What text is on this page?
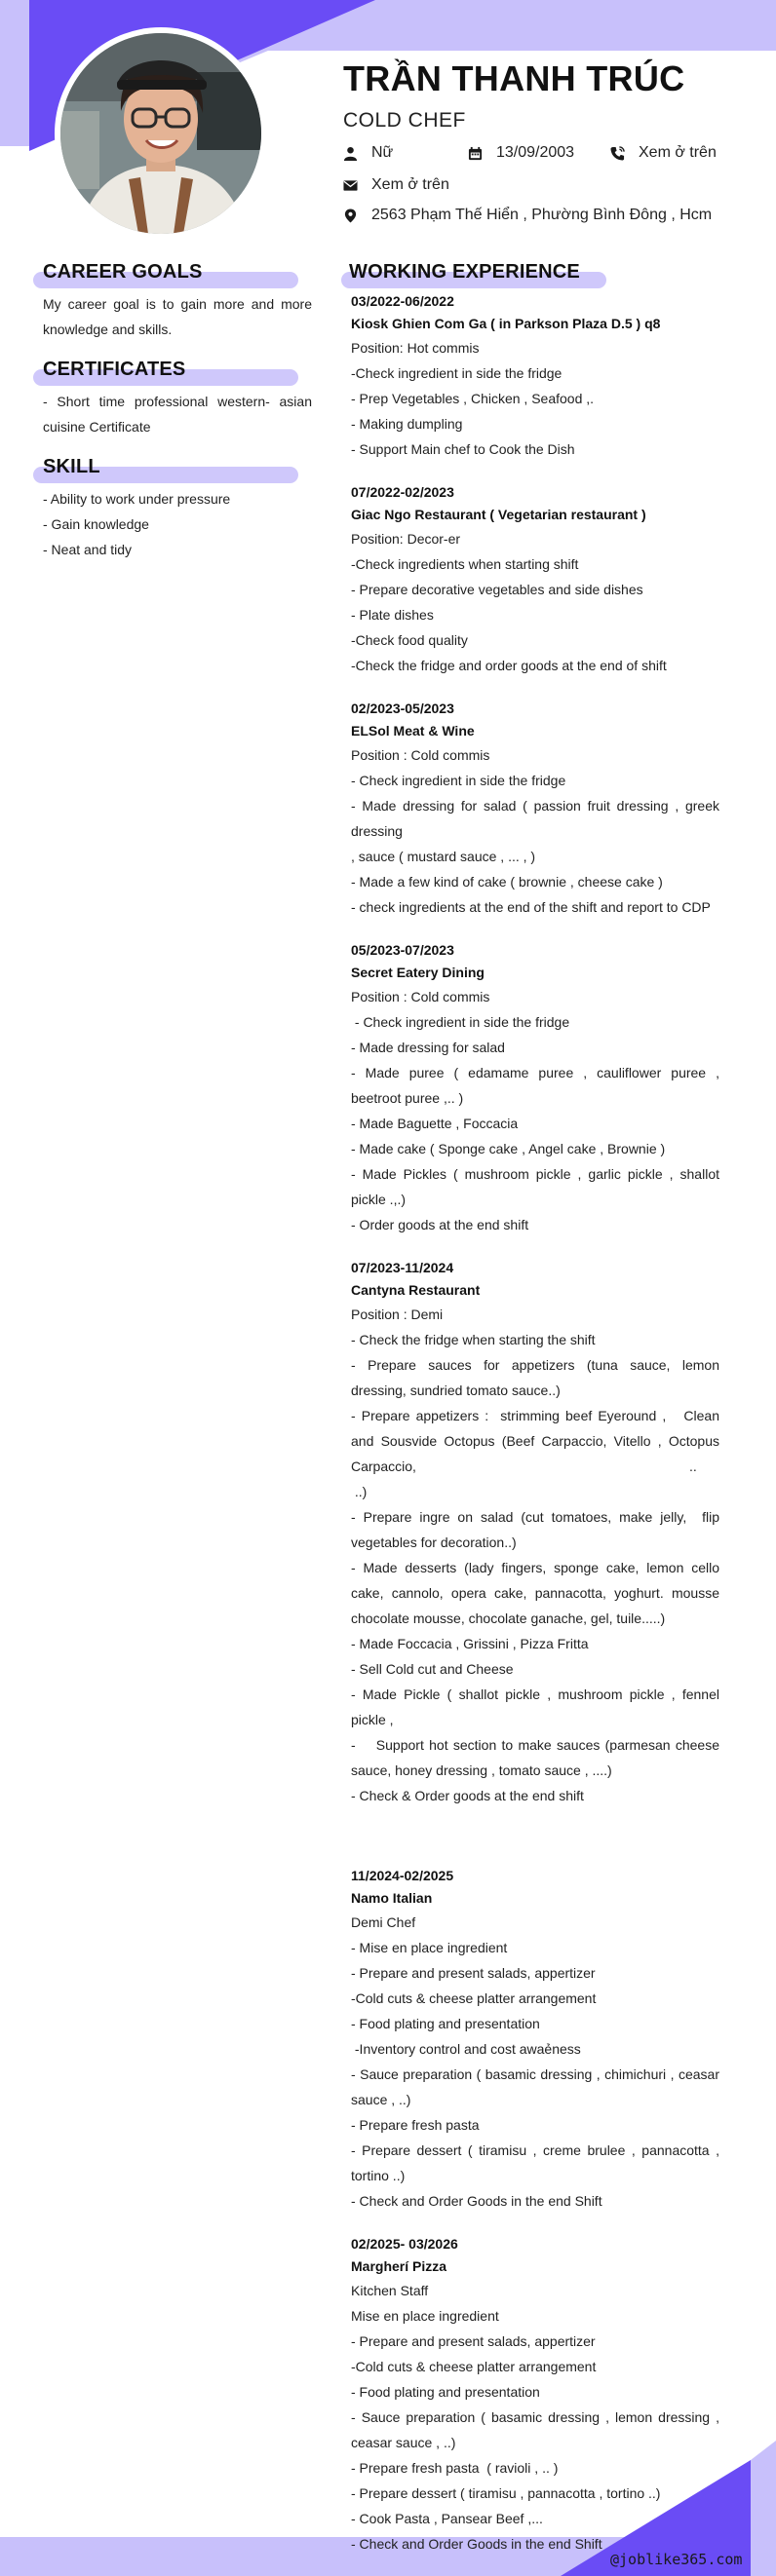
TRẦN THANH TRÚC
COLD CHEF
Nữ	13/09/2003	Xem ở trên
Xem ở trên
2563 Phạm Thế Hiển , Phường Bình Đông , Hcm
CAREER GOALS
My career goal is to gain more and more knowledge and skills.
CERTIFICATES
- Short time professional western- asian cuisine Certificate
SKILL
- Ability to work under pressure
- Gain knowledge
- Neat and tidy
WORKING EXPERIENCE
03/2022-06/2022
Kiosk Ghien Com Ga ( in Parkson Plaza D.5 ) q8
Position: Hot commis
-Check ingredient in side the fridge
- Prep Vegetables , Chicken , Seafood ,.
- Making dumpling
- Support Main chef to Cook the Dish
07/2022-02/2023
Giac Ngo Restaurant ( Vegetarian restaurant )
Position: Decor-er
-Check ingredients when starting shift
- Prepare decorative vegetables and side dishes
- Plate dishes
-Check food quality
-Check the fridge and order goods at the end of shift
02/2023-05/2023
ELSol Meat & Wine
Position : Cold commis
- Check ingredient in side the fridge
- Made dressing for salad ( passion fruit dressing , greek dressing
, sauce ( mustard sauce , ... , )
- Made a few kind of cake ( brownie , cheese cake )
- check ingredients at the end of the shift and report to CDP
05/2023-07/2023
Secret Eatery Dining
Position : Cold commis
- Check ingredient in side the fridge
- Made dressing for salad
- Made puree ( edamame puree , cauliflower puree , beetroot puree ,.. )
- Made Baguette , Foccacia
- Made cake ( Sponge cake , Angel cake , Brownie )
- Made Pickles ( mushroom pickle , garlic pickle , shallot pickle .,.)
- Order goods at the end shift
07/2023-11/2024
Cantyna Restaurant
Position : Demi
- Check the fridge when starting the shift
- Prepare sauces for appetizers (tuna sauce, lemon dressing, sundried tomato sauce..)
- Prepare appetizers :  strimming beef Eyeround ,   Clean and Sousvide Octopus (Beef Carpaccio, Vitello , Octopus Carpaccio,                                                                        ..
..)
- Prepare ingre on salad (cut tomatoes, make jelly,  flip vegetables for decoration..)
- Made desserts (lady fingers, sponge cake, lemon cello cake, cannolo, opera cake, pannacotta, yoghurt. mousse chocolate mousse, chocolate ganache, gel, tuile.....)
- Made Foccacia , Grissini , Pizza Fritta
- Sell Cold cut and Cheese
- Made Pickle ( shallot pickle , mushroom pickle , fennel pickle ,
-    Support hot section to make sauces (parmesan cheese sauce, honey dressing , tomato sauce , ....)
- Check & Order goods at the end shift
11/2024-02/2025
Namo Italian
Demi Chef
- Mise en place ingredient
- Prepare and present salads, appertizer
-Cold cuts & cheese platter arrangement
- Food plating and presentation
-Inventory control and cost awaẻness
- Sauce preparation ( basamic dressing , chimichuri , ceasar sauce , ..)
- Prepare fresh pasta
- Prepare dessert ( tiramisu , creme brulee , pannacotta , tortino ..)
- Check and Order Goods in the end Shift
02/2025- 03/2026
Margherí Pizza
Kitchen Staff
Mise en place ingredient
- Prepare and present salads, appertizer
-Cold cuts & cheese platter arrangement
- Food plating and presentation
- Sauce preparation ( basamic dressing , lemon dressing , ceasar sauce , ..)
- Prepare fresh pasta  ( ravioli , .. )
- Prepare dessert ( tiramisu , pannacotta , tortino ..)
- Cook Pasta , Pansear Beef ,...
- Check and Order Goods in the end Shift
@joblike365.com
